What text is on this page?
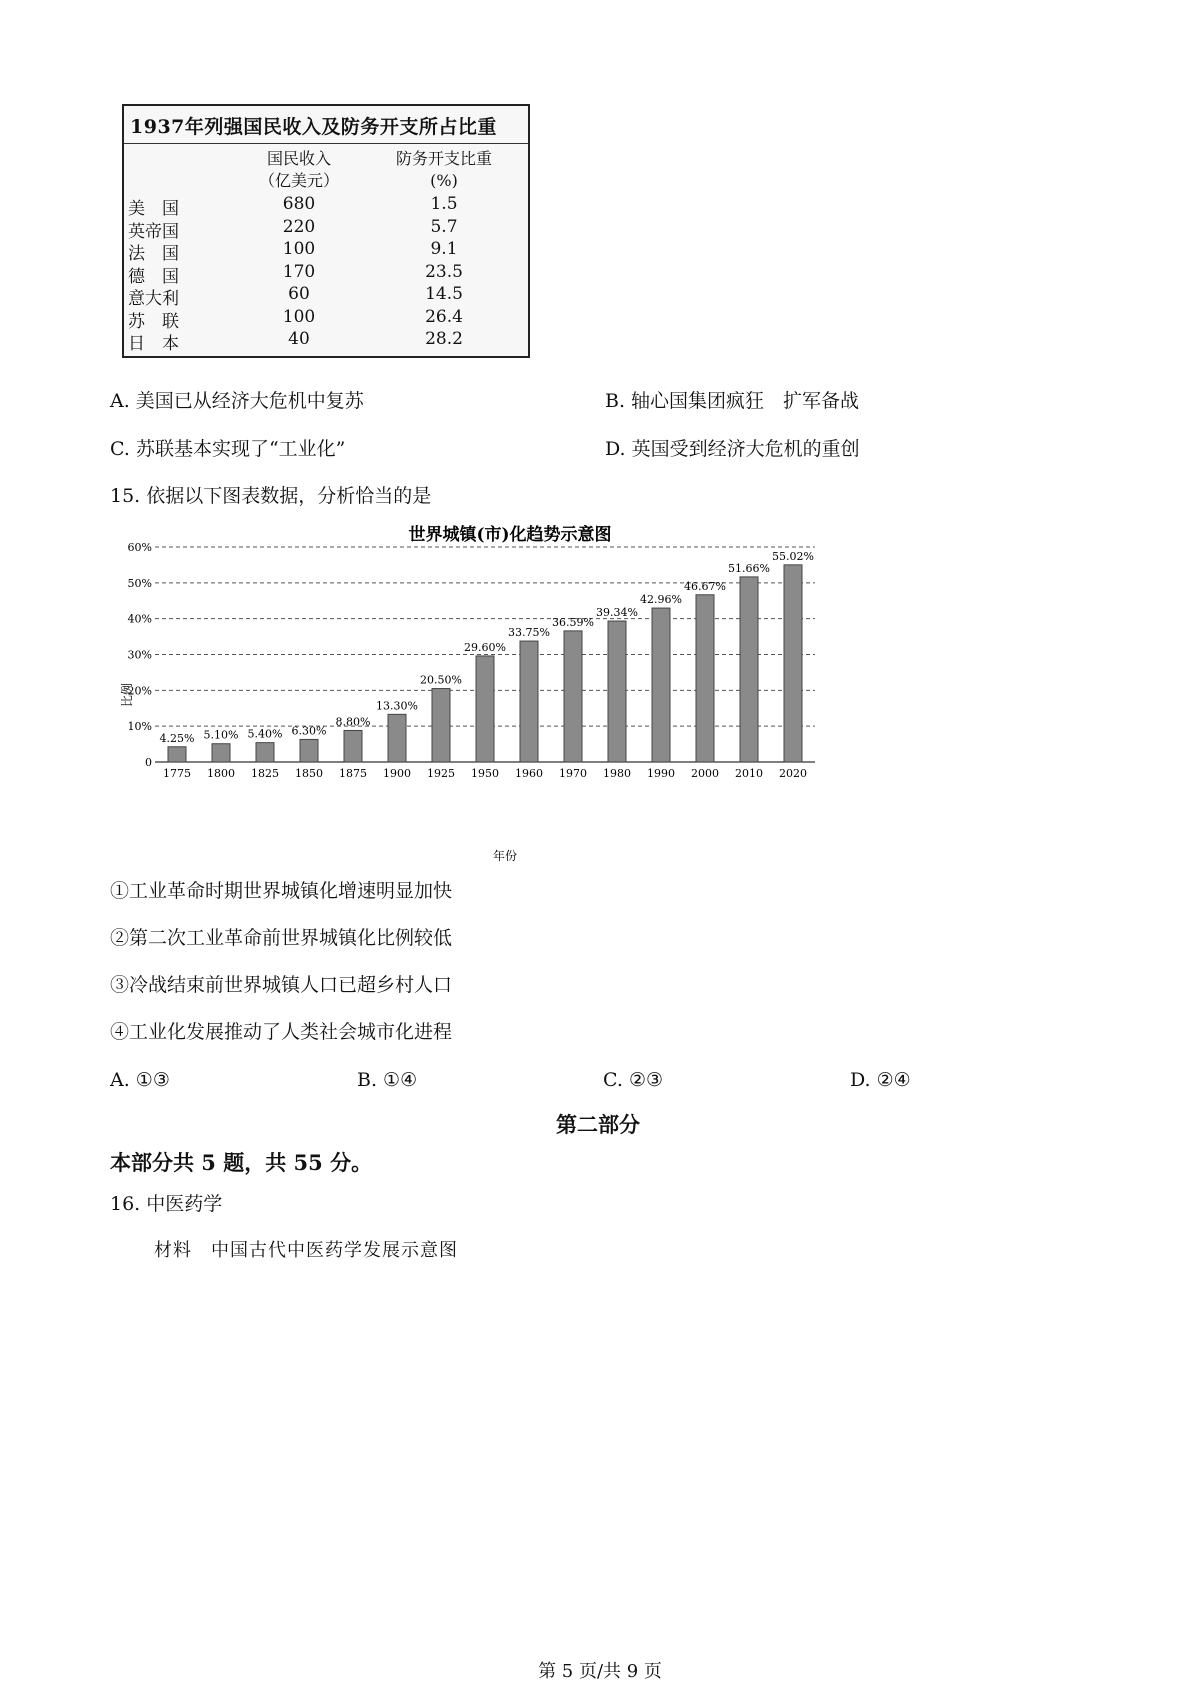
1937年列强国民收入及防务开支所占比重
国民收入
（亿美元）
防务开支比重
(%)
美　国	680	1.5
英帝国	220	5.7
法　国	100	9.1
德　国	170	23.5
意大利	60	14.5
苏　联	100	26.4
日　本	40	28.2
A. 美国已从经济大危机中复苏	B. 轴心国集团疯狂　扩军备战
C. 苏联基本实现了“工业化”	D. 英国受到经济大危机的重创
15. 依据以下图表数据，分析恰当的是
世界城镇(市)化趋势示意图
0
10%
20%
30%
40%
50%
60%
4.25% 5.10% 5.40% 6.30%
8.80%
13.30%
20.50%
29.60%
33.75%
36.59%
39.34%
42.96%
46.67%
51.66%
55.02%
1775 1800 1825 1850 1875 1900 1925 1950 1960 1970 1980 1990 2000 2010 2020
比例
年份
①工业革命时期世界城镇化增速明显加快
②第二次工业革命前世界城镇化比例较低
③冷战结束前世界城镇人口已超乡村人口
④工业化发展推动了人类社会城市化进程
A. ①③	B. ①④	C. ②③	D. ②④
第二部分
本部分共 5 题，共 55 分。
16. 中医药学
材料　中国古代中医药学发展示意图
第 5 页/共 9 页
